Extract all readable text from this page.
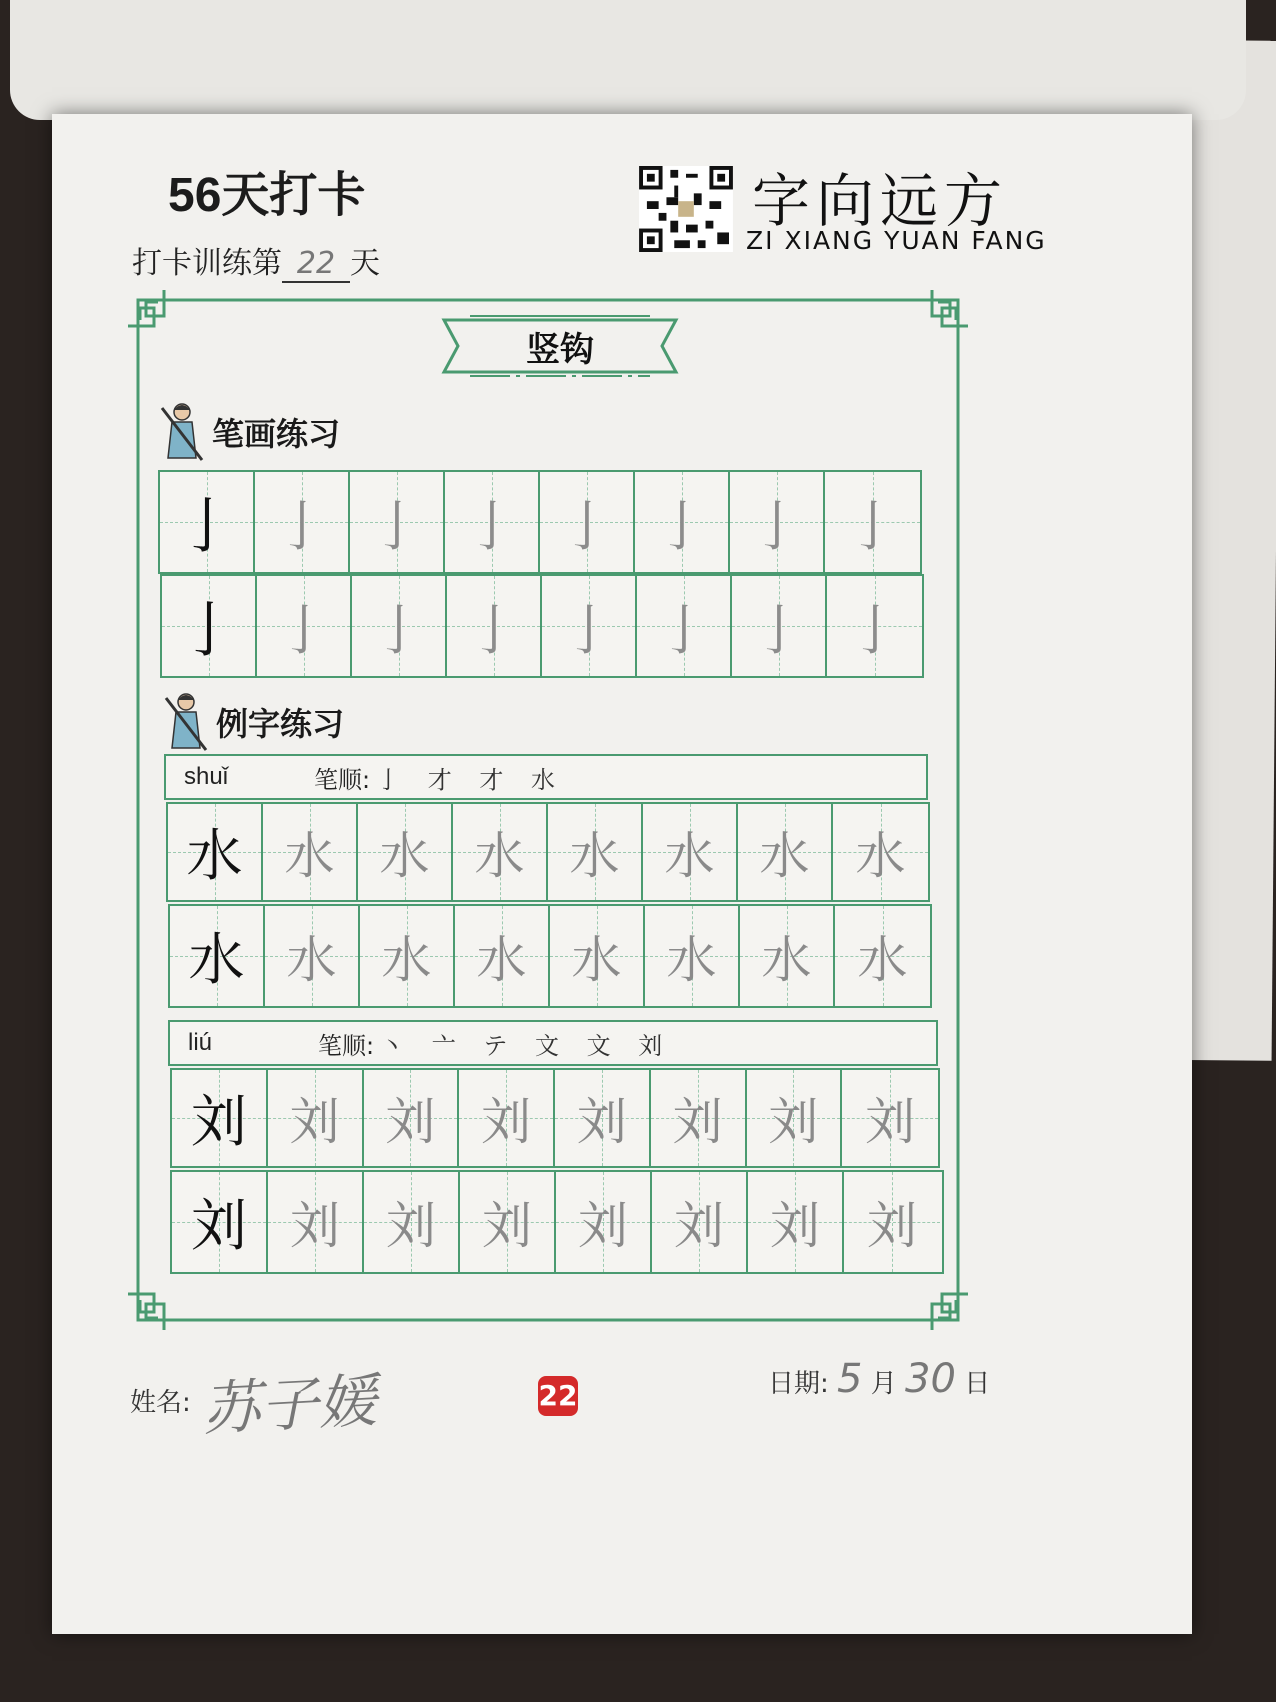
56天打卡
打卡训练第 22 天
字向远方
ZI XIANG YUAN FANG
竖钩
笔画练习
亅 亅 亅 亅 亅 亅 亅 亅
亅 亅 亅 亅 亅 亅 亅 亅
例字练习
shuǐ	笔顺: 亅 才 才 水
水 水 水 水 水 水 水 水
水 水 水 水 水 水 水 水
liú	笔顺: 丶 亠 テ 文 文 刘
刘 刘 刘 刘 刘 刘 刘 刘
刘 刘 刘 刘 刘 刘 刘 刘
姓名: 苏子媛	22	日期: 5 月 30 日
